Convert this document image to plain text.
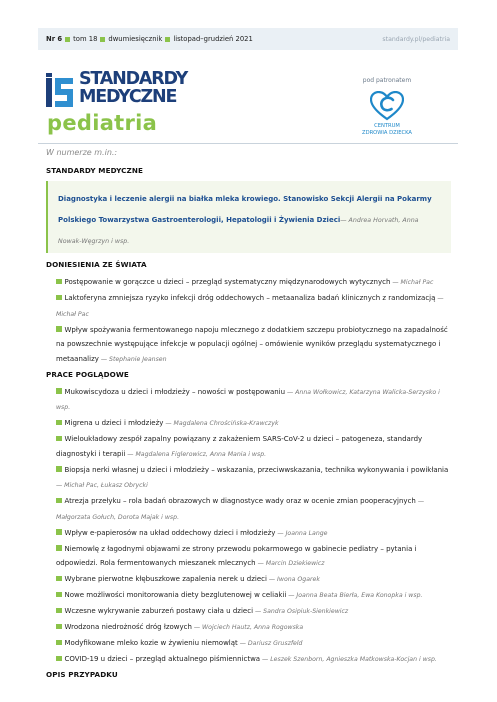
Nr 6 tom 18 dwumiesięcznik listopad–grudzień 2021	standardy.pl/pediatria
STANDARDY
MEDYCZNE
pediatria
pod patronatem
CENTRUM
ZDROWIA DZIECKA
W numerze m.in.:
STANDARDY MEDYCZNE
Diagnostyka i leczenie alergii na białka mleka krowiego. Stanowisko Sekcji Alergii na Pokarmy Polskiego Towarzystwa Gastroenterologii, Hepatologii i Żywienia Dzieci— Andrea Horvath, Anna Nowak-Węgrzyn i wsp.
DONIESIENIA ZE ŚWIATA
Postępowanie w gorączce u dzieci – przegląd systematyczny międzynarodowych wytycznych — Michał Pac
Laktoferyna zmniejsza ryzyko infekcji dróg oddechowych – metaanaliza badań klinicznych z randomizacją — Michał Pac
Wpływ spożywania fermentowanego napoju mlecznego z dodatkiem szczepu probiotycznego na zapadalność na powszechnie występujące infekcje w populacji ogólnej – omówienie wyników przeglądu systematycznego i metaanalizy — Stephanie Jeansen
PRACE POGLĄDOWE
Mukowiscydoza u dzieci i młodzieży – nowości w postępowaniu — Anna Wołkowicz, Katarzyna Walicka-Serzysko i wsp.
Migrena u dzieci i młodzieży — Magdalena Chrościńska-Krawczyk
Wieloukładowy zespół zapalny powiązany z zakażeniem SARS-CoV-2 u dzieci – patogeneza, standardy diagnostyki i terapii — Magdalena Figlerowicz, Anna Mania i wsp.
Biopsja nerki własnej u dzieci i młodzieży – wskazania, przeciwwskazania, technika wykonywania i powikłania — Michał Pac, Łukasz Obrycki
Atrezja przełyku – rola badań obrazowych w diagnostyce wady oraz w ocenie zmian pooperacyjnych — Małgorzata Gołuch, Dorota Majak i wsp.
Wpływ e-papierosów na układ oddechowy dzieci i młodzieży — Joanna Lange
Niemowlę z łagodnymi objawami ze strony przewodu pokarmowego w gabinecie pediatry – pytania i odpowiedzi. Rola fermentowanych mieszanek mlecznych — Marcin Dziekiewicz
Wybrane pierwotne kłębuszkowe zapalenia nerek u dzieci — Iwona Ogarek
Nowe możliwości monitorowania diety bezglutenowej w celiakii — Joanna Beata Bierła, Ewa Konopka i wsp.
Wczesne wykrywanie zaburzeń postawy ciała u dzieci — Sandra Osipiuk-Sienkiewicz
Wrodzona niedrożność dróg łzowych — Wojciech Hautz, Anna Rogowska
Modyfikowane mleko kozie w żywieniu niemowląt — Dariusz Gruszfeld
COVID-19 u dzieci – przegląd aktualnego piśmiennictwa — Leszek Szenborn, Agnieszka Matkowska-Kocjan i wsp.
OPIS PRZYPADKU
